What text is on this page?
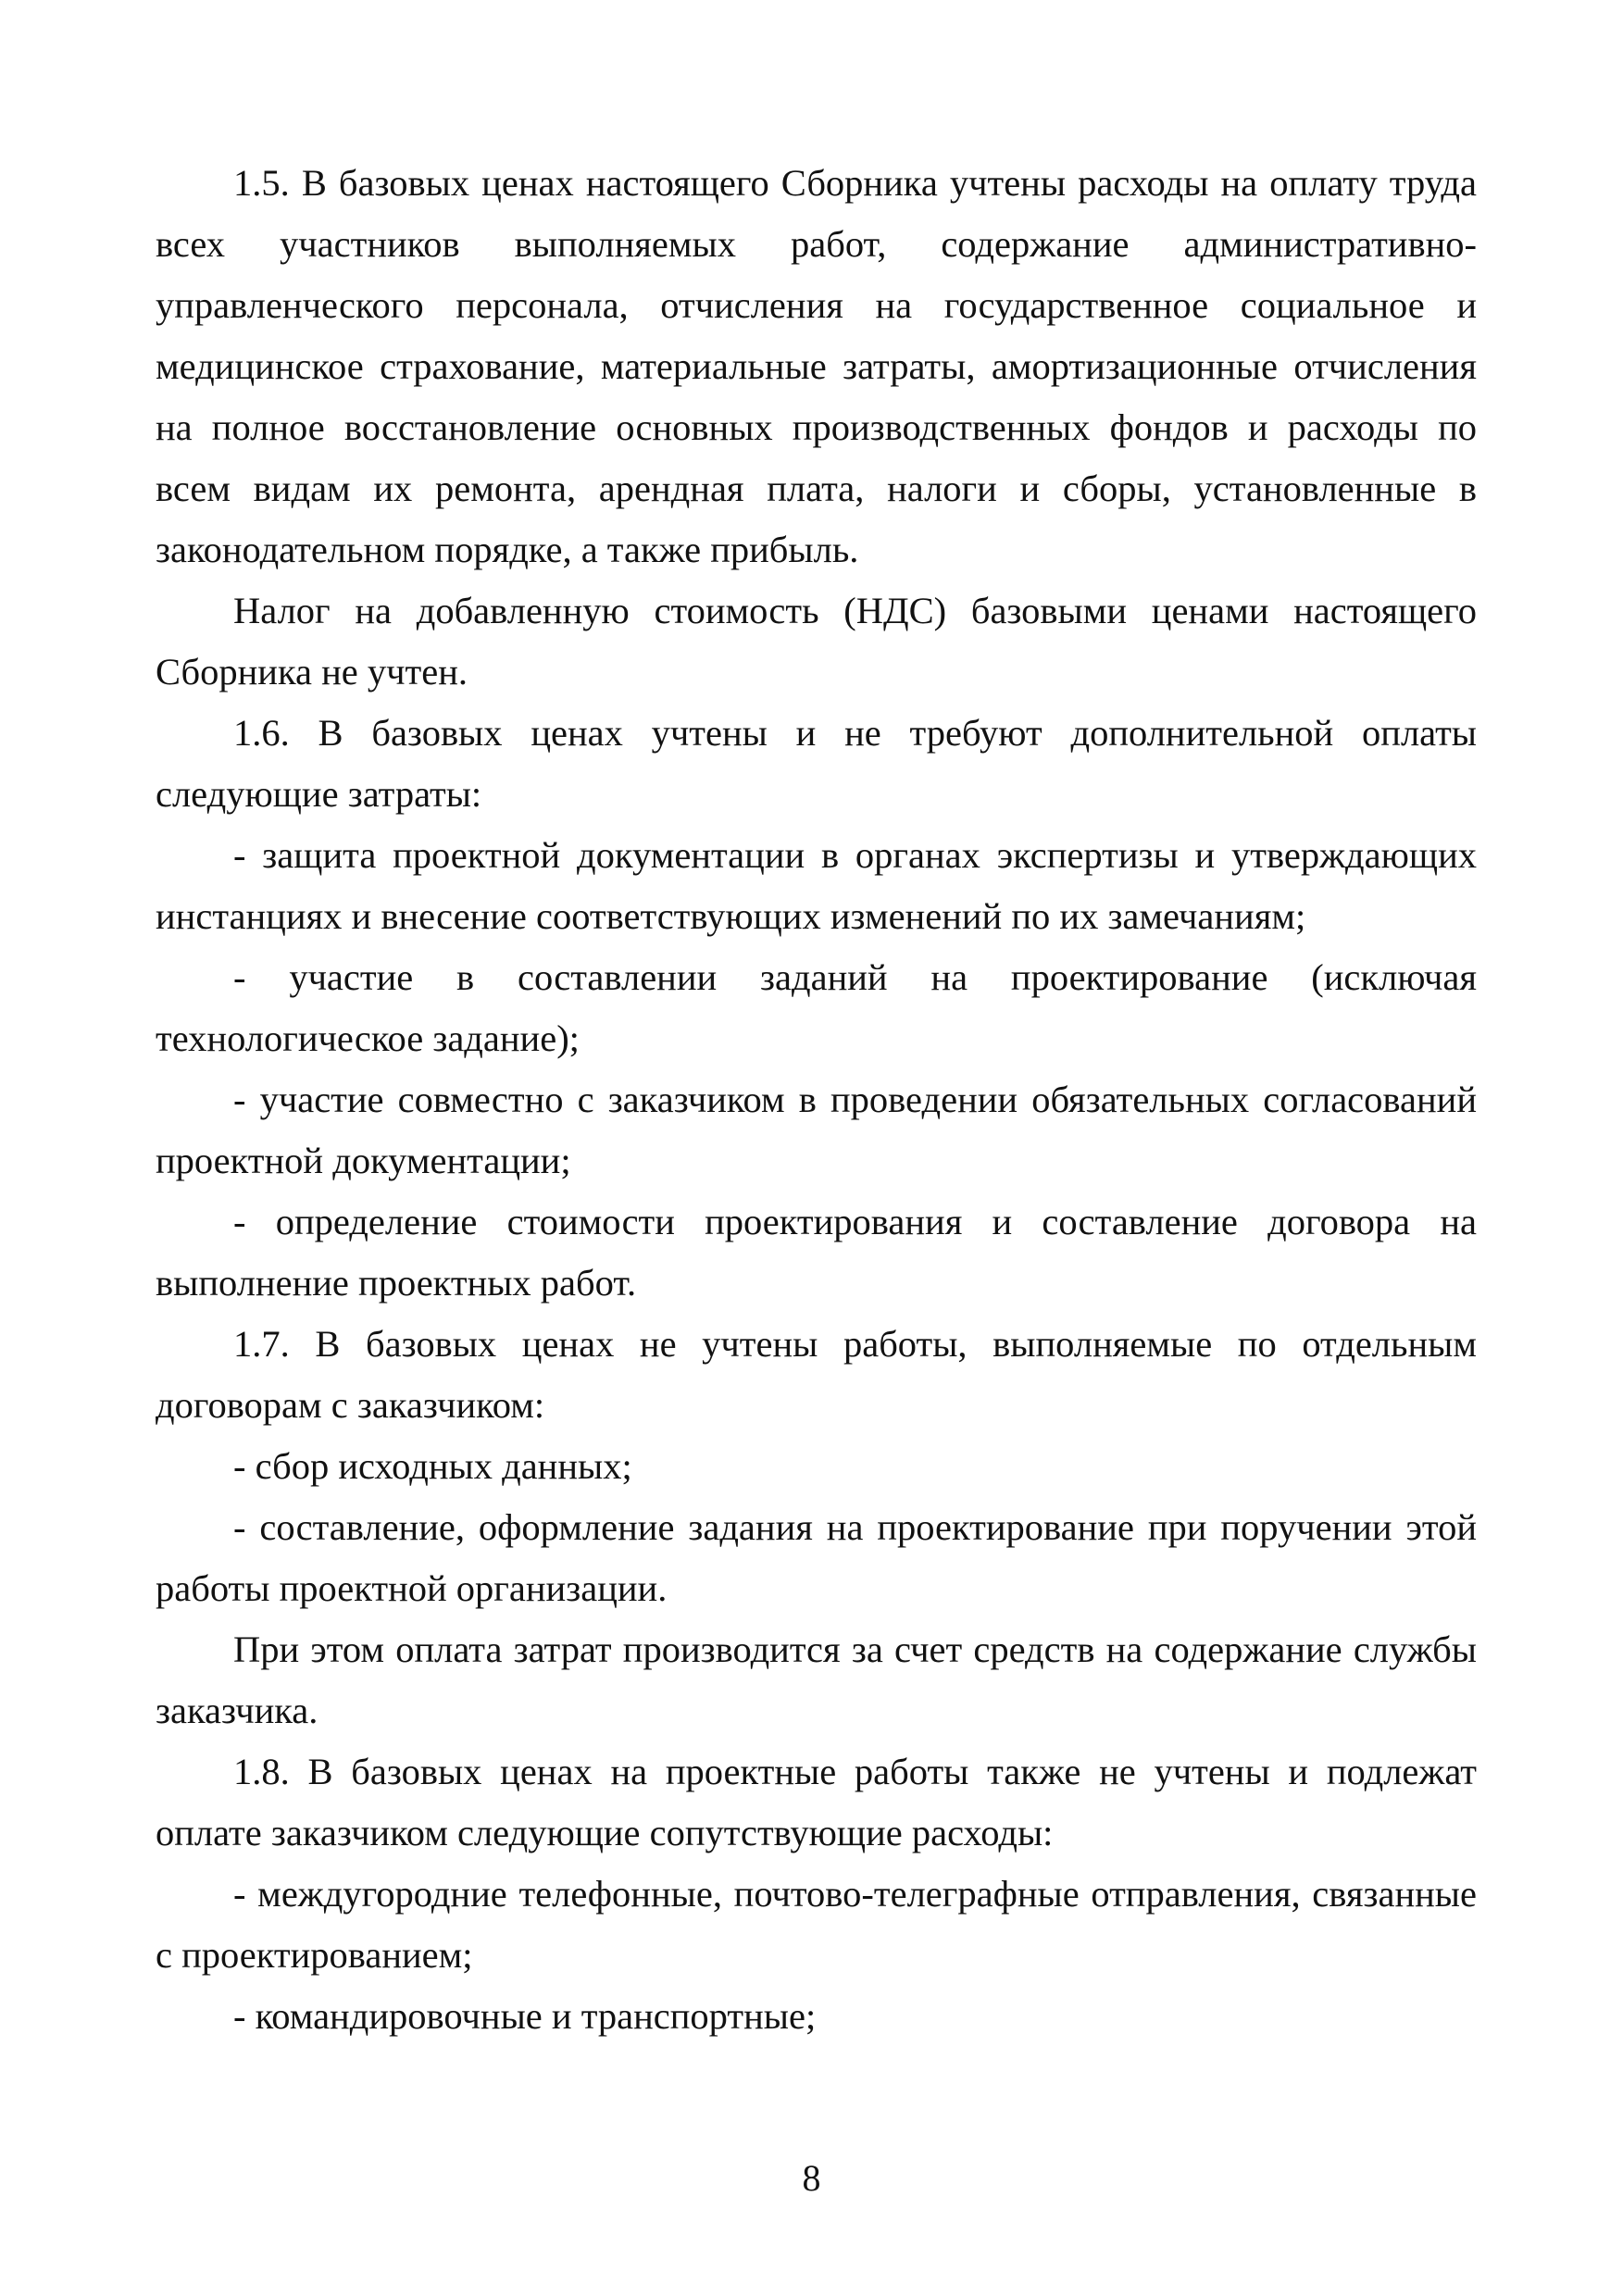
1.5. В базовых ценах настоящего Сборника учтены расходы на оплату труда всех участников выполняемых работ, содержание административно-управленческого персонала, отчисления на государственное социальное и медицинское страхование, материальные затраты, амортизационные отчисления на полное восстановление основных производственных фондов и расходы по всем видам их ремонта, арендная плата, налоги и сборы, установленные в законодательном порядке, а также прибыль.

Налог на добавленную стоимость (НДС) базовыми ценами настоящего Сборника не учтен.

1.6. В базовых ценах учтены и не требуют дополнительной оплаты следующие затраты:

- защита проектной документации в органах экспертизы и утверждающих инстанциях и внесение соответствующих изменений по их замечаниям;

- участие в составлении заданий на проектирование (исключая технологическое задание);

- участие совместно с заказчиком в проведении обязательных согласований проектной документации;

- определение стоимости проектирования и составление договора на выполнение проектных работ.

1.7. В базовых ценах не учтены работы, выполняемые по отдельным договорам с заказчиком:

- сбор исходных данных;

- составление, оформление задания на проектирование при поручении этой работы проектной организации.

При этом оплата затрат производится за счет средств на содержание службы заказчика.

1.8. В базовых ценах на проектные работы также не учтены и подлежат оплате заказчиком следующие сопутствующие расходы:

- междугородние телефонные, почтово-телеграфные отправления, связанные с проектированием;

- командировочные и транспортные;

8
